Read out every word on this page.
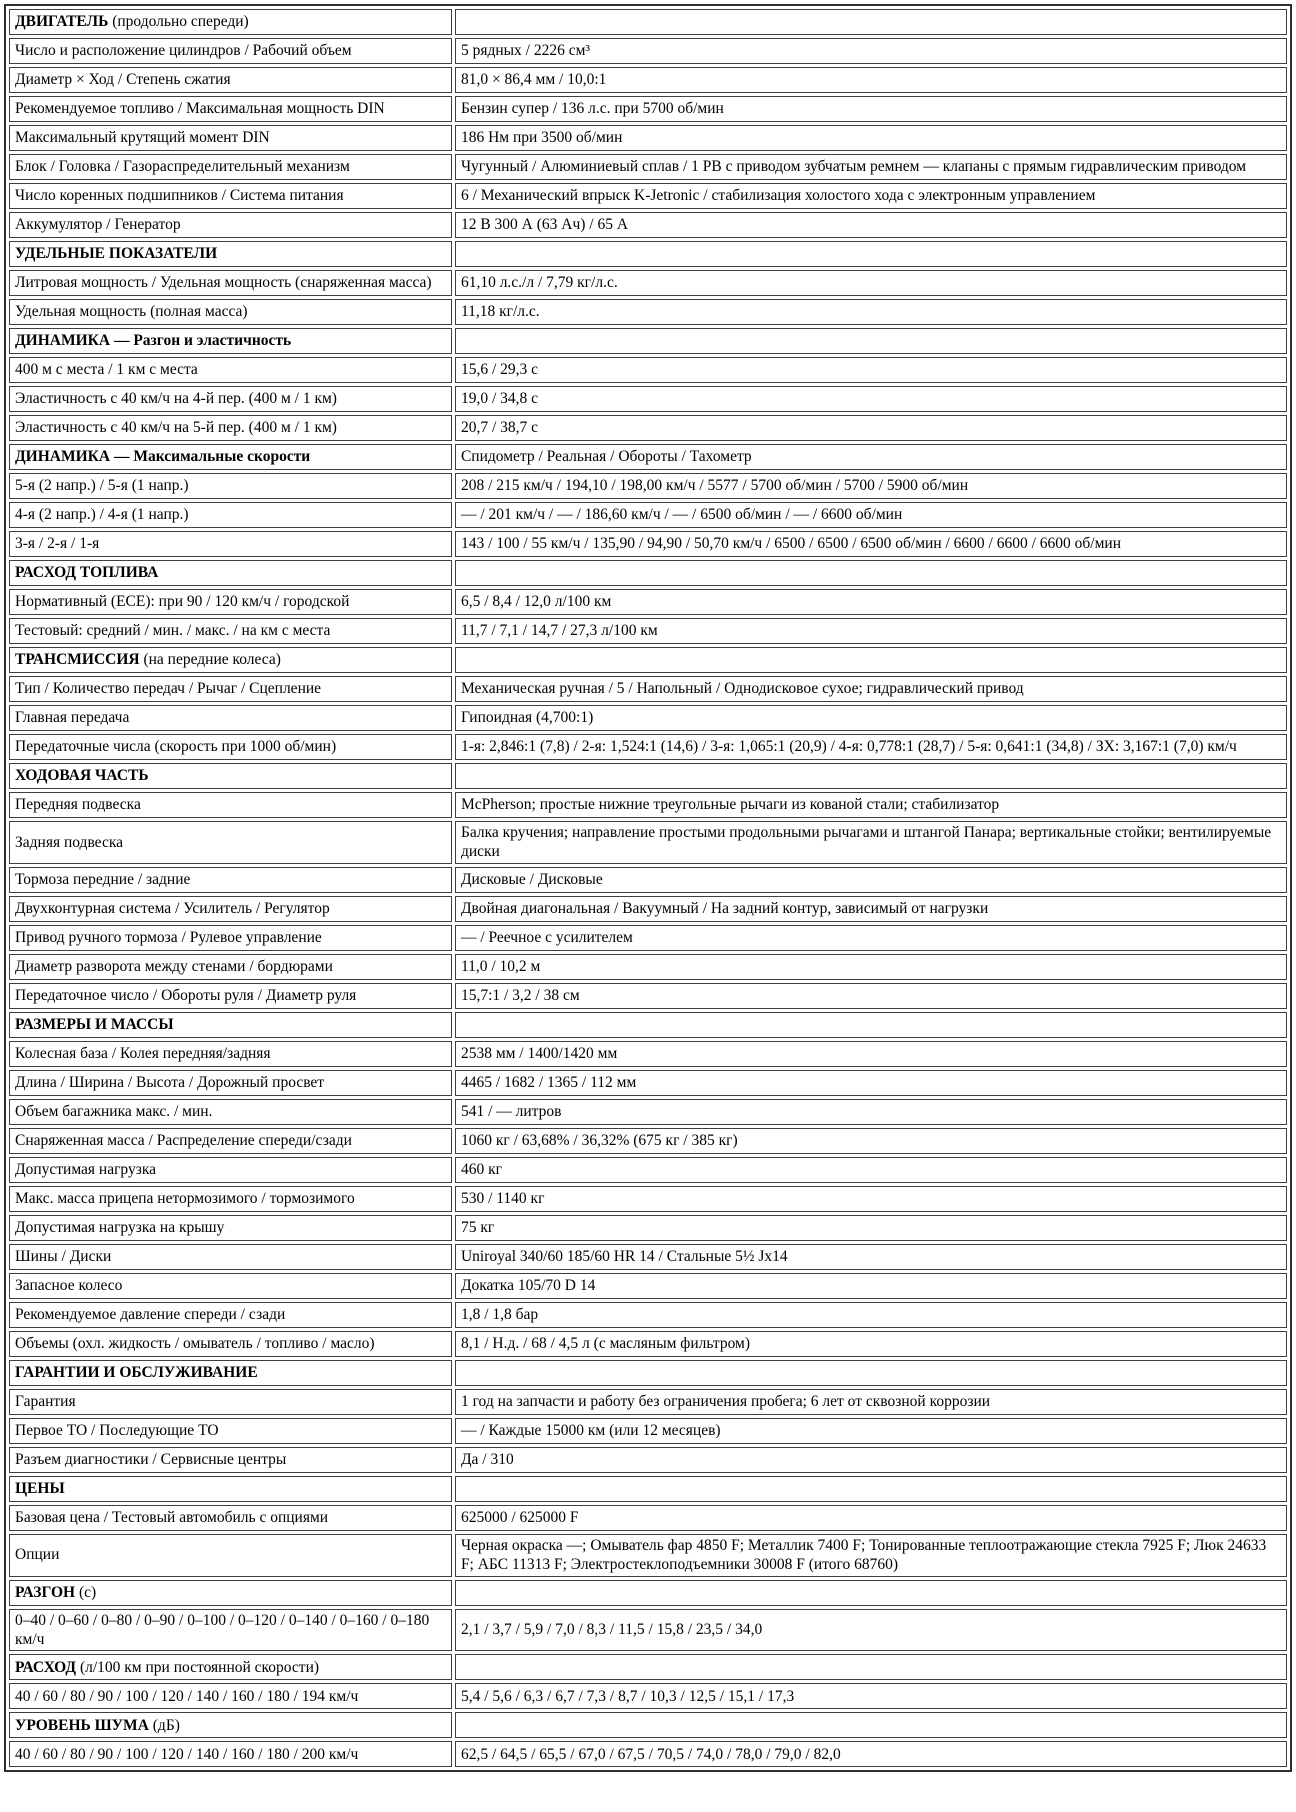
ДВИГАТЕЛЬ (продольно спереди)	
Число и расположение цилиндров / Рабочий объем	5 рядных / 2226 см³
Диаметр × Ход / Степень сжатия	81,0 × 86,4 мм / 10,0:1
Рекомендуемое топливо / Максимальная мощность DIN	Бензин супер / 136 л.с. при 5700 об/мин
Максимальный крутящий момент DIN	186 Нм при 3500 об/мин
Блок / Головка / Газораспределительный механизм	Чугунный / Алюминиевый сплав / 1 РВ с приводом зубчатым ремнем — клапаны с прямым гидравлическим приводом
Число коренных подшипников / Система питания	6 / Механический впрыск K-Jetronic / стабилизация холостого хода с электронным управлением
Аккумулятор / Генератор	12 В 300 А (63 Ач) / 65 А
УДЕЛЬНЫЕ ПОКАЗАТЕЛИ	
Литровая мощность / Удельная мощность (снаряженная масса)	61,10 л.с./л / 7,79 кг/л.с.
Удельная мощность (полная масса)	11,18 кг/л.с.
ДИНАМИКА — Разгон и эластичность	
400 м с места / 1 км с места	15,6 / 29,3 с
Эластичность с 40 км/ч на 4-й пер. (400 м / 1 км)	19,0 / 34,8 с
Эластичность с 40 км/ч на 5-й пер. (400 м / 1 км)	20,7 / 38,7 с
ДИНАМИКА — Максимальные скорости	Спидометр / Реальная / Обороты / Тахометр
5-я (2 напр.) / 5-я (1 напр.)	208 / 215 км/ч / 194,10 / 198,00 км/ч / 5577 / 5700 об/мин / 5700 / 5900 об/мин
4-я (2 напр.) / 4-я (1 напр.)	— / 201 км/ч / — / 186,60 км/ч / — / 6500 об/мин / — / 6600 об/мин
3-я / 2-я / 1-я	143 / 100 / 55 км/ч / 135,90 / 94,90 / 50,70 км/ч / 6500 / 6500 / 6500 об/мин / 6600 / 6600 / 6600 об/мин
РАСХОД ТОПЛИВА	
Нормативный (ЕСЕ): при 90 / 120 км/ч / городской	6,5 / 8,4 / 12,0 л/100 км
Тестовый: средний / мин. / макс. / на км с места	11,7 / 7,1 / 14,7 / 27,3 л/100 км
ТРАНСМИССИЯ (на передние колеса)	
Тип / Количество передач / Рычаг / Сцепление	Механическая ручная / 5 / Напольный / Однодисковое сухое; гидравлический привод
Главная передача	Гипоидная (4,700:1)
Передаточные числа (скорость при 1000 об/мин)	1-я: 2,846:1 (7,8) / 2-я: 1,524:1 (14,6) / 3-я: 1,065:1 (20,9) / 4-я: 0,778:1 (28,7) / 5-я: 0,641:1 (34,8) / ЗХ: 3,167:1 (7,0) км/ч
ХОДОВАЯ ЧАСТЬ	
Передняя подвеска	McPherson; простые нижние треугольные рычаги из кованой стали; стабилизатор
Задняя подвеска	Балка кручения; направление простыми продольными рычагами и штангой Панара; вертикальные стойки; вентилируемые диски
Тормоза передние / задние	Дисковые / Дисковые
Двухконтурная система / Усилитель / Регулятор	Двойная диагональная / Вакуумный / На задний контур, зависимый от нагрузки
Привод ручного тормоза / Рулевое управление	— / Реечное с усилителем
Диаметр разворота между стенами / бордюрами	11,0 / 10,2 м
Передаточное число / Обороты руля / Диаметр руля	15,7:1 / 3,2 / 38 см
РАЗМЕРЫ И МАССЫ	
Колесная база / Колея передняя/задняя	2538 мм / 1400/1420 мм
Длина / Ширина / Высота / Дорожный просвет	4465 / 1682 / 1365 / 112 мм
Объем багажника макс. / мин.	541 / — литров
Снаряженная масса / Распределение спереди/сзади	1060 кг / 63,68% / 36,32% (675 кг / 385 кг)
Допустимая нагрузка	460 кг
Макс. масса прицепа нетормозимого / тормозимого	530 / 1140 кг
Допустимая нагрузка на крышу	75 кг
Шины / Диски	Uniroyal 340/60 185/60 HR 14 / Стальные 5½ Jx14
Запасное колесо	Докатка 105/70 D 14
Рекомендуемое давление спереди / сзади	1,8 / 1,8 бар
Объемы (охл. жидкость / омыватель / топливо / масло)	8,1 / Н.д. / 68 / 4,5 л (с масляным фильтром)
ГАРАНТИИ И ОБСЛУЖИВАНИЕ	
Гарантия	1 год на запчасти и работу без ограничения пробега; 6 лет от сквозной коррозии
Первое ТО / Последующие ТО	— / Каждые 15000 км (или 12 месяцев)
Разъем диагностики / Сервисные центры	Да / 310
ЦЕНЫ	
Базовая цена / Тестовый автомобиль с опциями	625000 / 625000 F
Опции	Черная окраска —; Омыватель фар 4850 F; Металлик 7400 F; Тонированные теплоотражающие стекла 7925 F; Люк 24633 F; АБС 11313 F; Электростеклоподъемники 30008 F (итого 68760)
РАЗГОН (с)	
0–40 / 0–60 / 0–80 / 0–90 / 0–100 / 0–120 / 0–140 / 0–160 / 0–180 км/ч	2,1 / 3,7 / 5,9 / 7,0 / 8,3 / 11,5 / 15,8 / 23,5 / 34,0
РАСХОД (л/100 км при постоянной скорости)	
40 / 60 / 80 / 90 / 100 / 120 / 140 / 160 / 180 / 194 км/ч	5,4 / 5,6 / 6,3 / 6,7 / 7,3 / 8,7 / 10,3 / 12,5 / 15,1 / 17,3
УРОВЕНЬ ШУМА (дБ)	
40 / 60 / 80 / 90 / 100 / 120 / 140 / 160 / 180 / 200 км/ч	62,5 / 64,5 / 65,5 / 67,0 / 67,5 / 70,5 / 74,0 / 78,0 / 79,0 / 82,0
